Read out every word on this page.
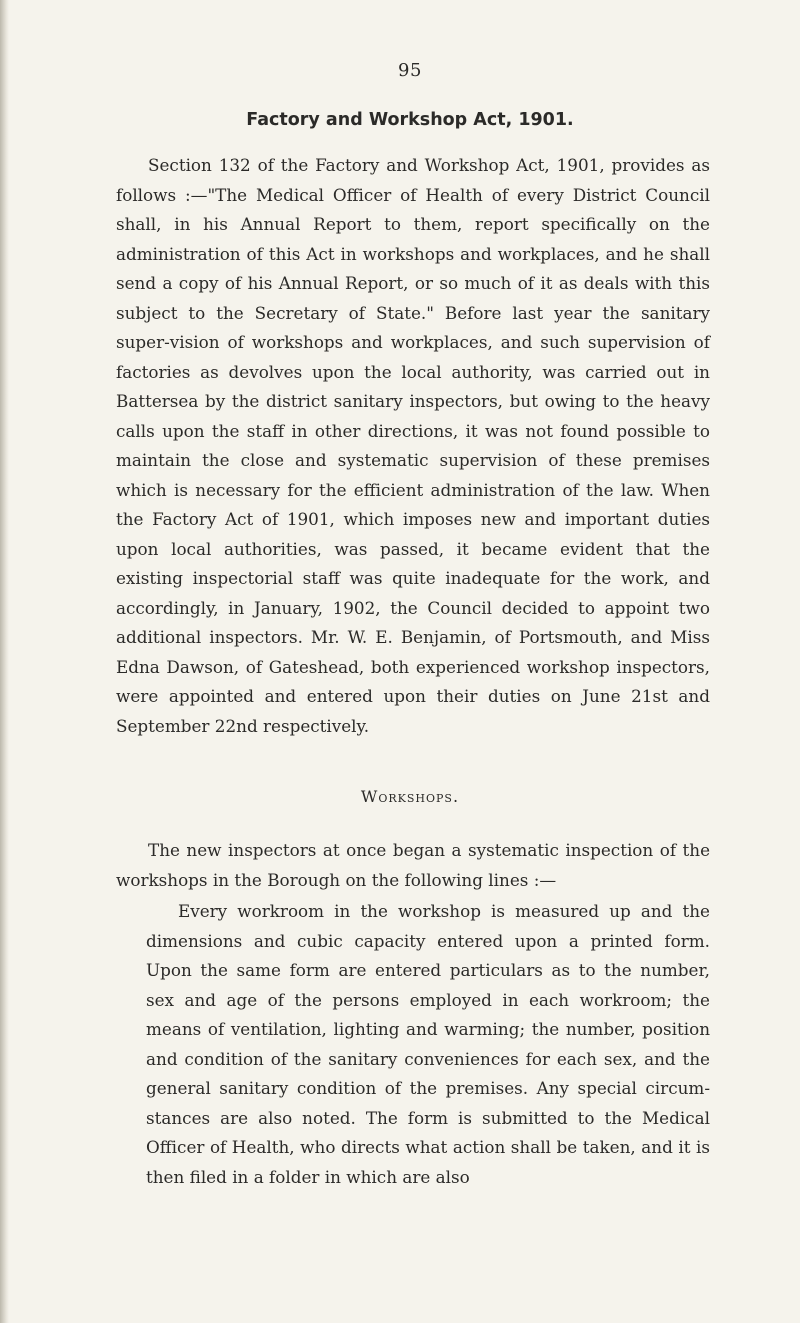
95
Factory and Workshop Act, 1901.

Section 132 of the Factory and Workshop Act, 1901, provides as follows :—"The Medical Officer of Health of every District Council shall, in his Annual Report to them, report specifically on the administration of this Act in workshops and workplaces, and he shall send a copy of his Annual Report, or so much of it as deals with this subject to the Secretary of State." Before last year the sanitary super-vision of workshops and workplaces, and such supervision of factories as devolves upon the local authority, was carried out in Battersea by the district sanitary inspectors, but owing to the heavy calls upon the staff in other directions, it was not found possible to maintain the close and systematic supervision of these premises which is necessary for the efficient administration of the law. When the Factory Act of 1901, which imposes new and important duties upon local authorities, was passed, it became evident that the existing inspectorial staff was quite inadequate for the work, and accordingly, in January, 1902, the Council decided to appoint two additional inspectors. Mr. W. E. Benjamin, of Portsmouth, and Miss Edna Dawson, of Gateshead, both experienced workshop inspectors, were appointed and entered upon their duties on June 21st and September 22nd respectively.

Workshops.

The new inspectors at once began a systematic inspection of the workshops in the Borough on the following lines :—

Every workroom in the workshop is measured up and the dimensions and cubic capacity entered upon a printed form. Upon the same form are entered particulars as to the number, sex and age of the persons employed in each workroom; the means of ventilation, lighting and warming; the number, position and condition of the sanitary conveniences for each sex, and the general sanitary condition of the premises. Any special circum-stances are also noted. The form is submitted to the Medical Officer of Health, who directs what action shall be taken, and it is then filed in a folder in which are also
